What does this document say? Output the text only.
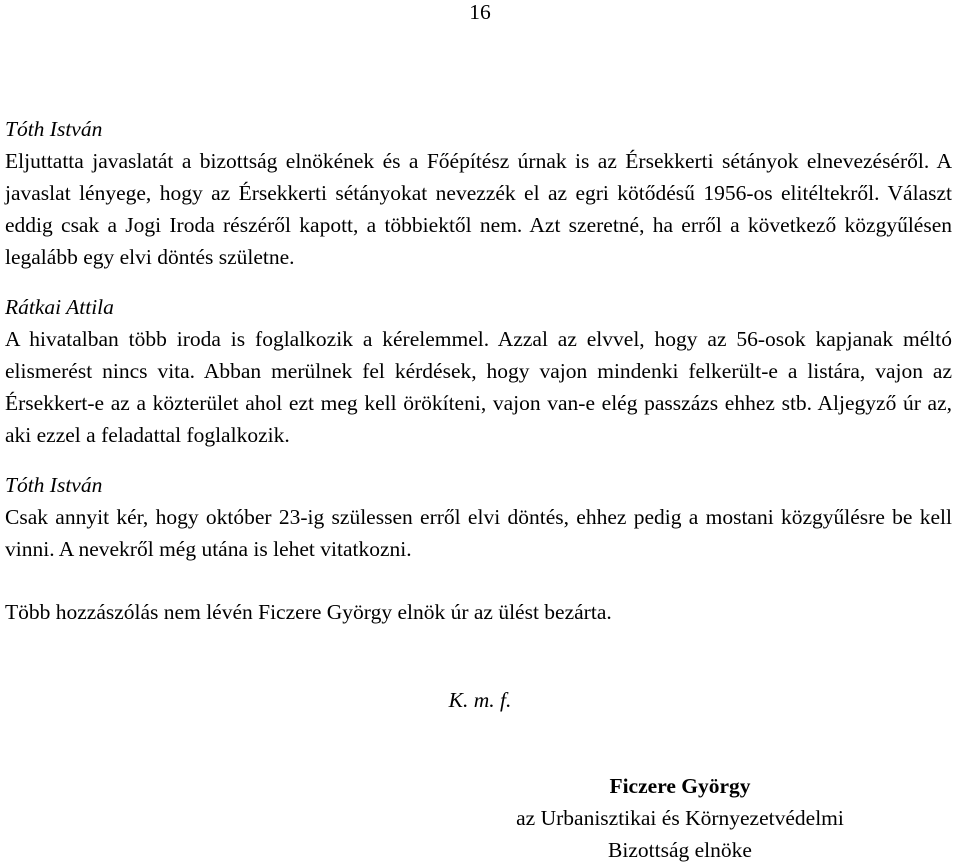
16

Tóth István

Eljuttatta javaslatát a bizottság elnökének és a Főépítész úrnak is az Érsekkerti sétányok elnevezéséről. A javaslat lényege, hogy az Érsekkerti sétányokat nevezzék el az egri kötődésű 1956-os elitéltekről. Választ eddig csak a Jogi Iroda részéről kapott, a többiektől nem. Azt szeretné, ha erről a következő közgyűlésen legalább egy elvi döntés születne.

Rátkai Attila

A hivatalban több iroda is foglalkozik a kérelemmel. Azzal az elvvel, hogy az 56-osok kapjanak méltó elismerést nincs vita. Abban merülnek fel kérdések, hogy vajon mindenki felkerült-e a listára, vajon az Érsekkert-e az a közterület ahol ezt meg kell örökíteni, vajon van-e elég passzázs ehhez stb. Aljegyző úr az, aki ezzel a feladattal foglalkozik.

Tóth István

Csak annyit kér, hogy október 23-ig szülessen erről elvi döntés, ehhez pedig a mostani közgyűlésre be kell vinni. A nevekről még utána is lehet vitatkozni.

Több hozzászólás nem lévén Ficzere György elnök úr az ülést bezárta.

K. m. f.

Ficzere György
az Urbanisztikai és Környezetvédelmi
Bizottság elnöke
